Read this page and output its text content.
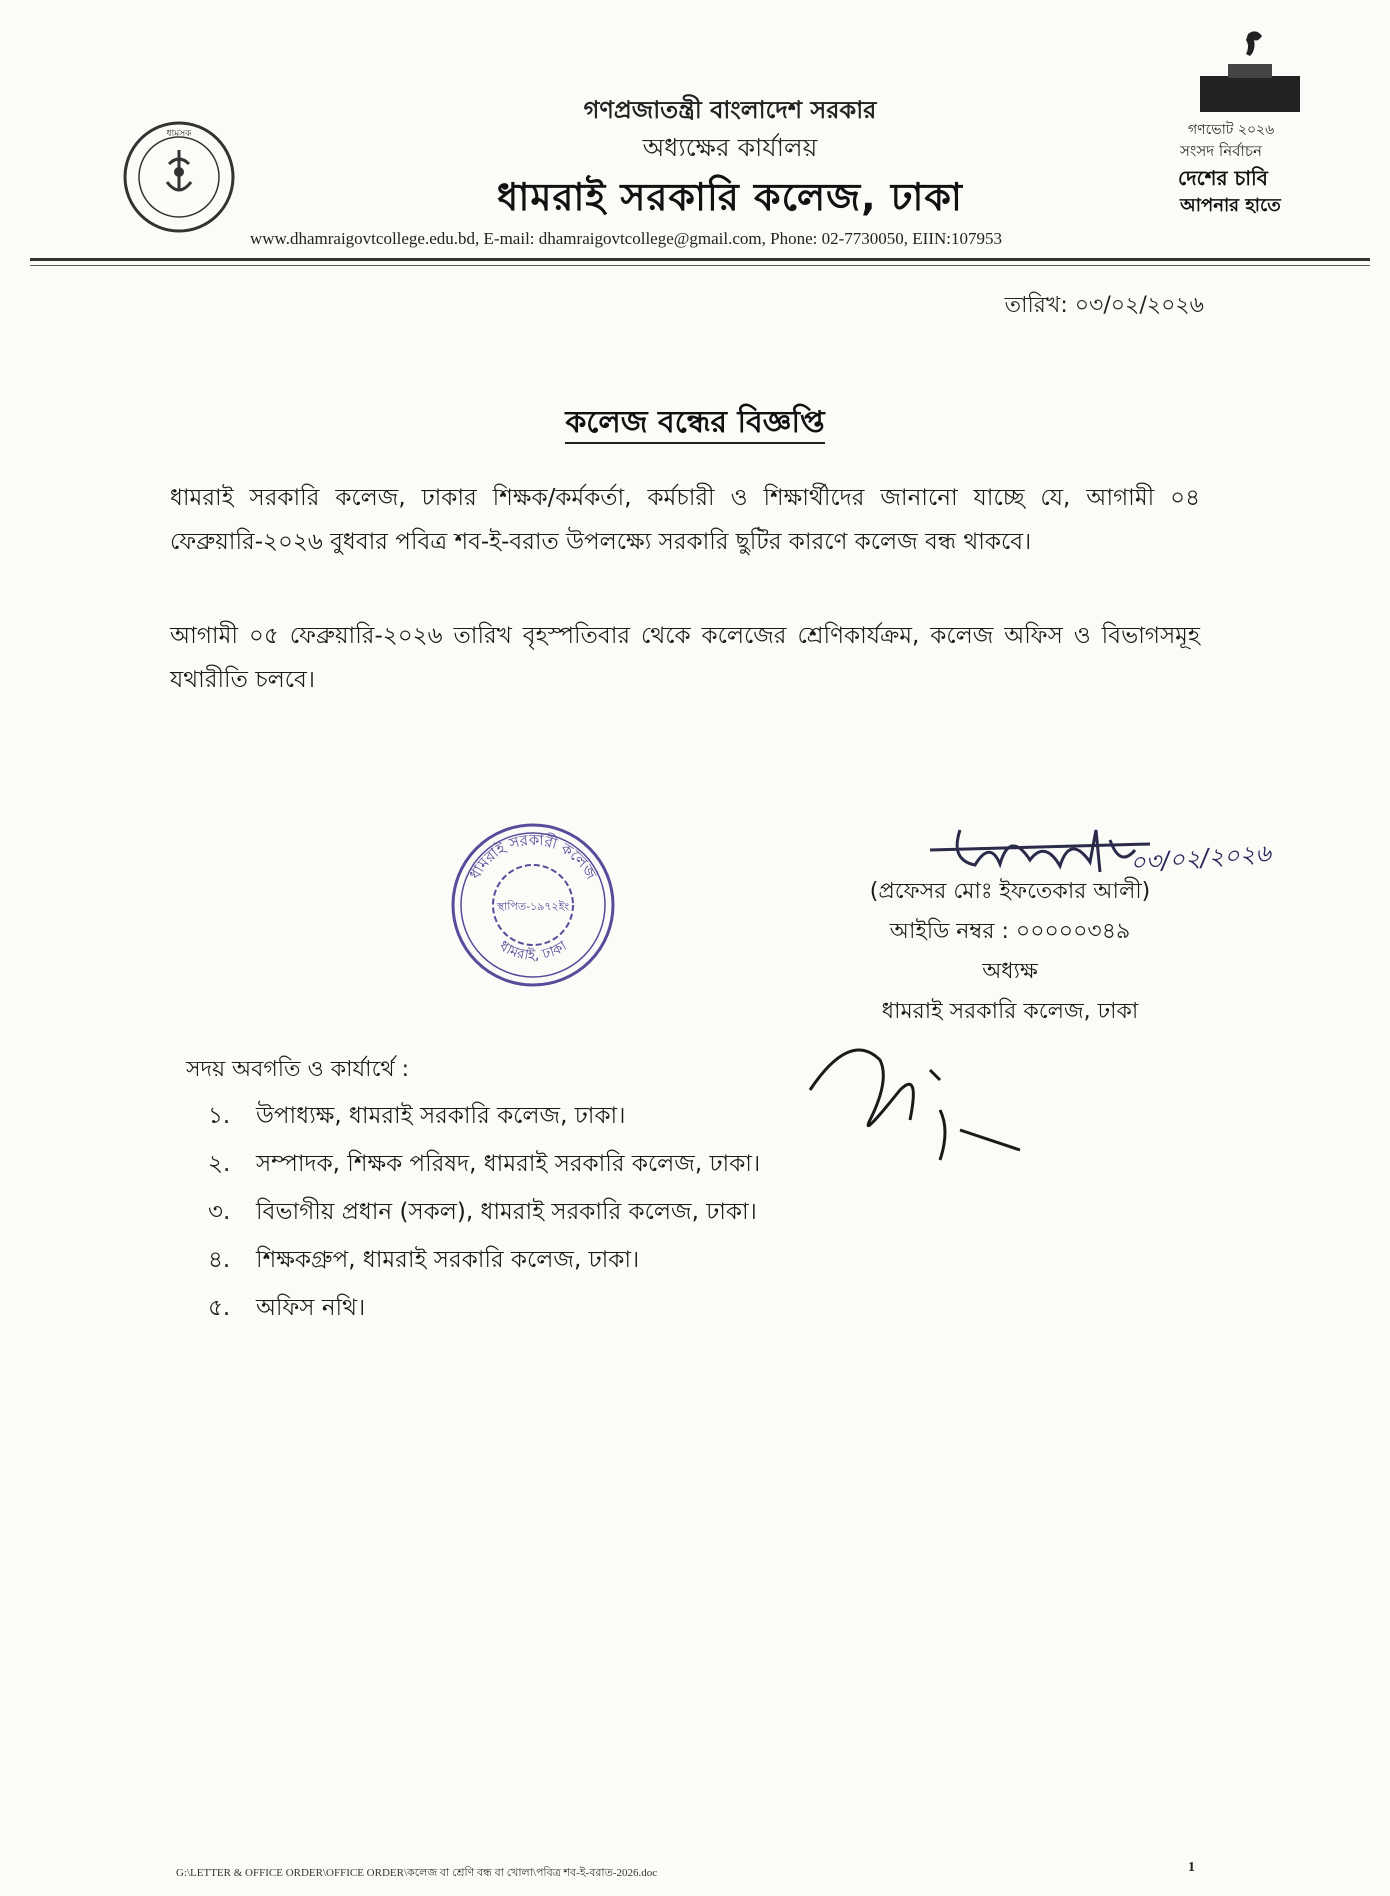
ধামসক
গণপ্রজাতন্ত্রী বাংলাদেশ সরকার
অধ্যক্ষের কার্যালয়
ধামরাই সরকারি কলেজ, ঢাকা
www.dhamraigovtcollege.edu.bd, E-mail: dhamraigovtcollege@gmail.com, Phone: 02-7730050, EIIN:107953
গণভোট ২০২৬
সংসদ নির্বাচন
দেশের চাবি
আপনার হাতে
তারিখ: ০৩/০২/২০২৬
কলেজ বন্ধের বিজ্ঞপ্তি
ধামরাই সরকারি কলেজ, ঢাকার শিক্ষক/কর্মকর্তা, কর্মচারী ও শিক্ষার্থীদের জানানো যাচ্ছে যে, আগামী ০৪ ফেব্রুয়ারি-২০২৬ বুধবার পবিত্র শব-ই-বরাত উপলক্ষ্যে সরকারি ছুটির কারণে কলেজ বন্ধ থাকবে।
আগামী ০৫ ফেব্রুয়ারি-২০২৬ তারিখ বৃহস্পতিবার থেকে কলেজের শ্রেণিকার্যক্রম, কলেজ অফিস ও বিভাগসমূহ যথারীতি চলবে।
ধামরাই সরকারী কলেজ
স্থাপিত-১৯৭২ইং
ধামরাই, ঢাকা
০৩/০২/২০২৬
(প্রফেসর মোঃ ইফতেকার আলী)
আইডি নম্বর : ০০০০০৩৪৯
অধ্যক্ষ
ধামরাই সরকারি কলেজ, ঢাকা
সদয় অবগতি ও কার্যার্থে :
১. উপাধ্যক্ষ, ধামরাই সরকারি কলেজ, ঢাকা।
২. সম্পাদক, শিক্ষক পরিষদ, ধামরাই সরকারি কলেজ, ঢাকা।
৩. বিভাগীয় প্রধান (সকল), ধামরাই সরকারি কলেজ, ঢাকা।
৪. শিক্ষকগ্রুপ, ধামরাই সরকারি কলেজ, ঢাকা।
৫. অফিস নথি।
G:\LETTER & OFFICE ORDER\OFFICE ORDER\কলেজ বা শ্রেণি বন্ধ বা খোলা\পবিত্র শব-ই-বরাত-2026.doc	1
